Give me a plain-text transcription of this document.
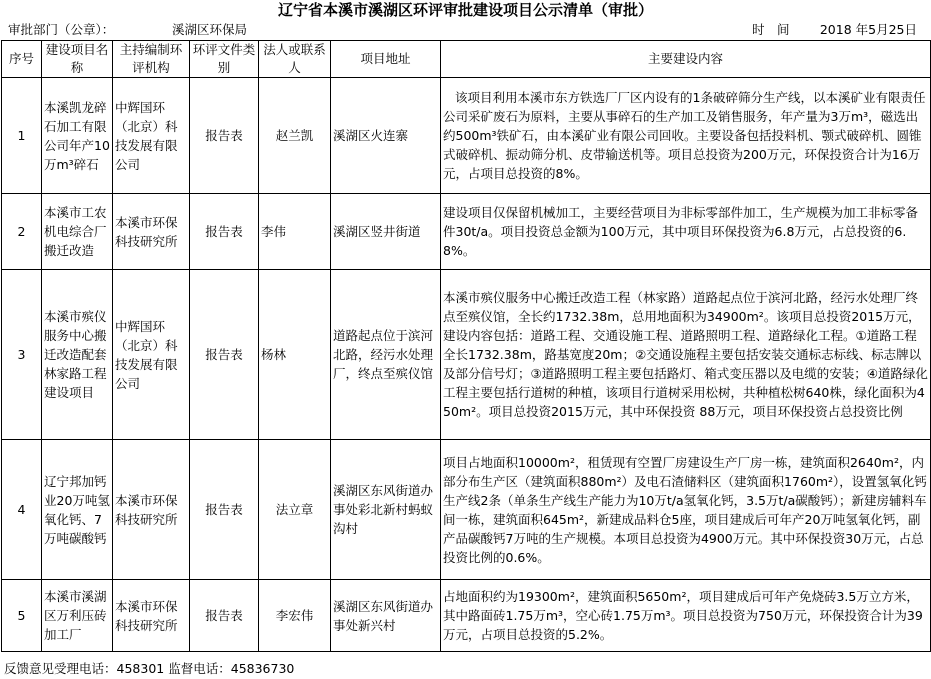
辽宁省本溪市溪湖区环评审批建设项目公示清单（审批）
审批部门（公章）：	溪湖区环保局	时　间 2018 年5月25日
序号	建设项目名称	主持编制环评机构	环评文件类别	法人或联系人	项目地址	主要建设内容
1	本溪凯龙碎石加工有限公司年产10万m³碎石	中辉国环（北京）科技发展有限公司	报告表	赵兰凯	溪湖区火连寨	该项目利用本溪市东方铁选厂厂区内设有的1条破碎筛分生产线，以本溪矿业有限责任公司采矿废石为原料，主要从事碎石的生产加工及销售服务，年产量为3万m³，磁选出约500m³铁矿石，由本溪矿业有限公司回收。主要设备包括投料机、颚式破碎机、圆锥式破碎机、振动筛分机、皮带输送机等。项目总投资为200万元，环保投资合计为16万元，占项目总投资的8%。
2	本溪市工农机电综合厂搬迁改造	本溪市环保科技研究所	报告表	李伟	溪湖区竖井街道	建设项目仅保留机械加工，主要经营项目为非标零部件加工，生产规模为加工非标零备件30t/a。项目投资总金额为100万元，其中项目环保投资为6.8万元，占总投资的6.8%。
3	本溪市殡仪服务中心搬迁改造配套林家路工程建设项目	中辉国环（北京）科技发展有限公司	报告表	杨林	道路起点位于滨河北路，经污水处理厂，终点至殡仪馆	本溪市殡仪服务中心搬迁改造工程（林家路）道路起点位于滨河北路，经污水处理厂终点至殡仪馆，全长约1732.38m，总用地面积为34900m²。该项目总投资2015万元，建设内容包括：道路工程、交通设施工程、道路照明工程、道路绿化工程。①道路工程全长1732.38m，路基宽度20m；②交通设施程主要包括安装交通标志标线、标志牌以及部分信号灯；③道路照明工程主要包括路灯、箱式变压器以及电缆的安装；④道路绿化工程主要包括行道树的种植，该项目行道树采用松树，共种植松树640株，绿化面积为450m²。项目总投资2015万元，其中环保投资 88万元，项目环保投资占总投资比例
4	辽宁邦加钙业20万吨氢氧化钙、7万吨碳酸钙	本溪市环保科技研究所	报告表	法立章	溪湖区东风街道办事处彩北新村蚂蚁沟村	项目占地面积10000m²，租赁现有空置厂房建设生产厂房一栋，建筑面积2640m²，内部分布生产区（建筑面积880m²）及电石渣储料区（建筑面积1760m²），设置氢氧化钙生产线2条（单条生产线生产能力为10万t/a氢氧化钙，3.5万t/a碳酸钙）；新建房辅料车间一栋，建筑面积645m²，新建成品料仓5座，项目建成后可年产20万吨氢氧化钙，副产品碳酸钙7万吨的生产规模。本项目总投资为4900万元。其中环保投资30万元，占总投资比例的0.6%。
5	本溪市溪湖区万利压砖加工厂	本溪市环保科技研究所	报告表	李宏伟	溪湖区东风街道办事处新兴村	占地面积约为19300m²，建筑面积5650m²，项目建成后可年产免烧砖3.5万立方米，其中路面砖1.75万m³，空心砖1.75万m³。项目总投资为750万元，环保投资合计为39万元，占项目总投资的5.2%。
反馈意见受理电话：458301 监督电话：45836730
